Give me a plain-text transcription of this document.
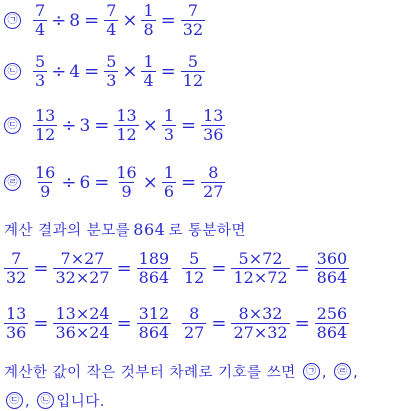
㉠ $\frac{7}{4} \div 8 = \frac{7}{4} \times \frac{1}{8} = \frac{7}{32}$
㉡ $\frac{5}{3} \div 4 = \frac{5}{3} \times \frac{1}{4} = \frac{5}{12}$
㉢ $\frac{13}{12} \div 3 = \frac{13}{12} \times \frac{1}{3} = \frac{13}{36}$
㉣ $\frac{16}{9} \div 6 = \frac{16}{9} \times \frac{1}{6} = \frac{8}{27}$
계산 결과의 분모를 864 로 통분하면
$\frac{7}{32} = \frac{7\times 27}{32\times 27} = \frac{189}{864} \frac{5}{12} = \frac{5\times 72}{12\times 72} = \frac{360}{864}$
$\frac{13}{36} = \frac{13\times 24}{36\times 24} = \frac{312}{864} \frac{8}{27} = \frac{8\times 32}{27\times 32} = \frac{256}{864}$
계산한 값이 작은 것부터 차례로 기호를 쓰면 ㉠ , ㉣ ,
㉢ , ㉡ 입니다.
